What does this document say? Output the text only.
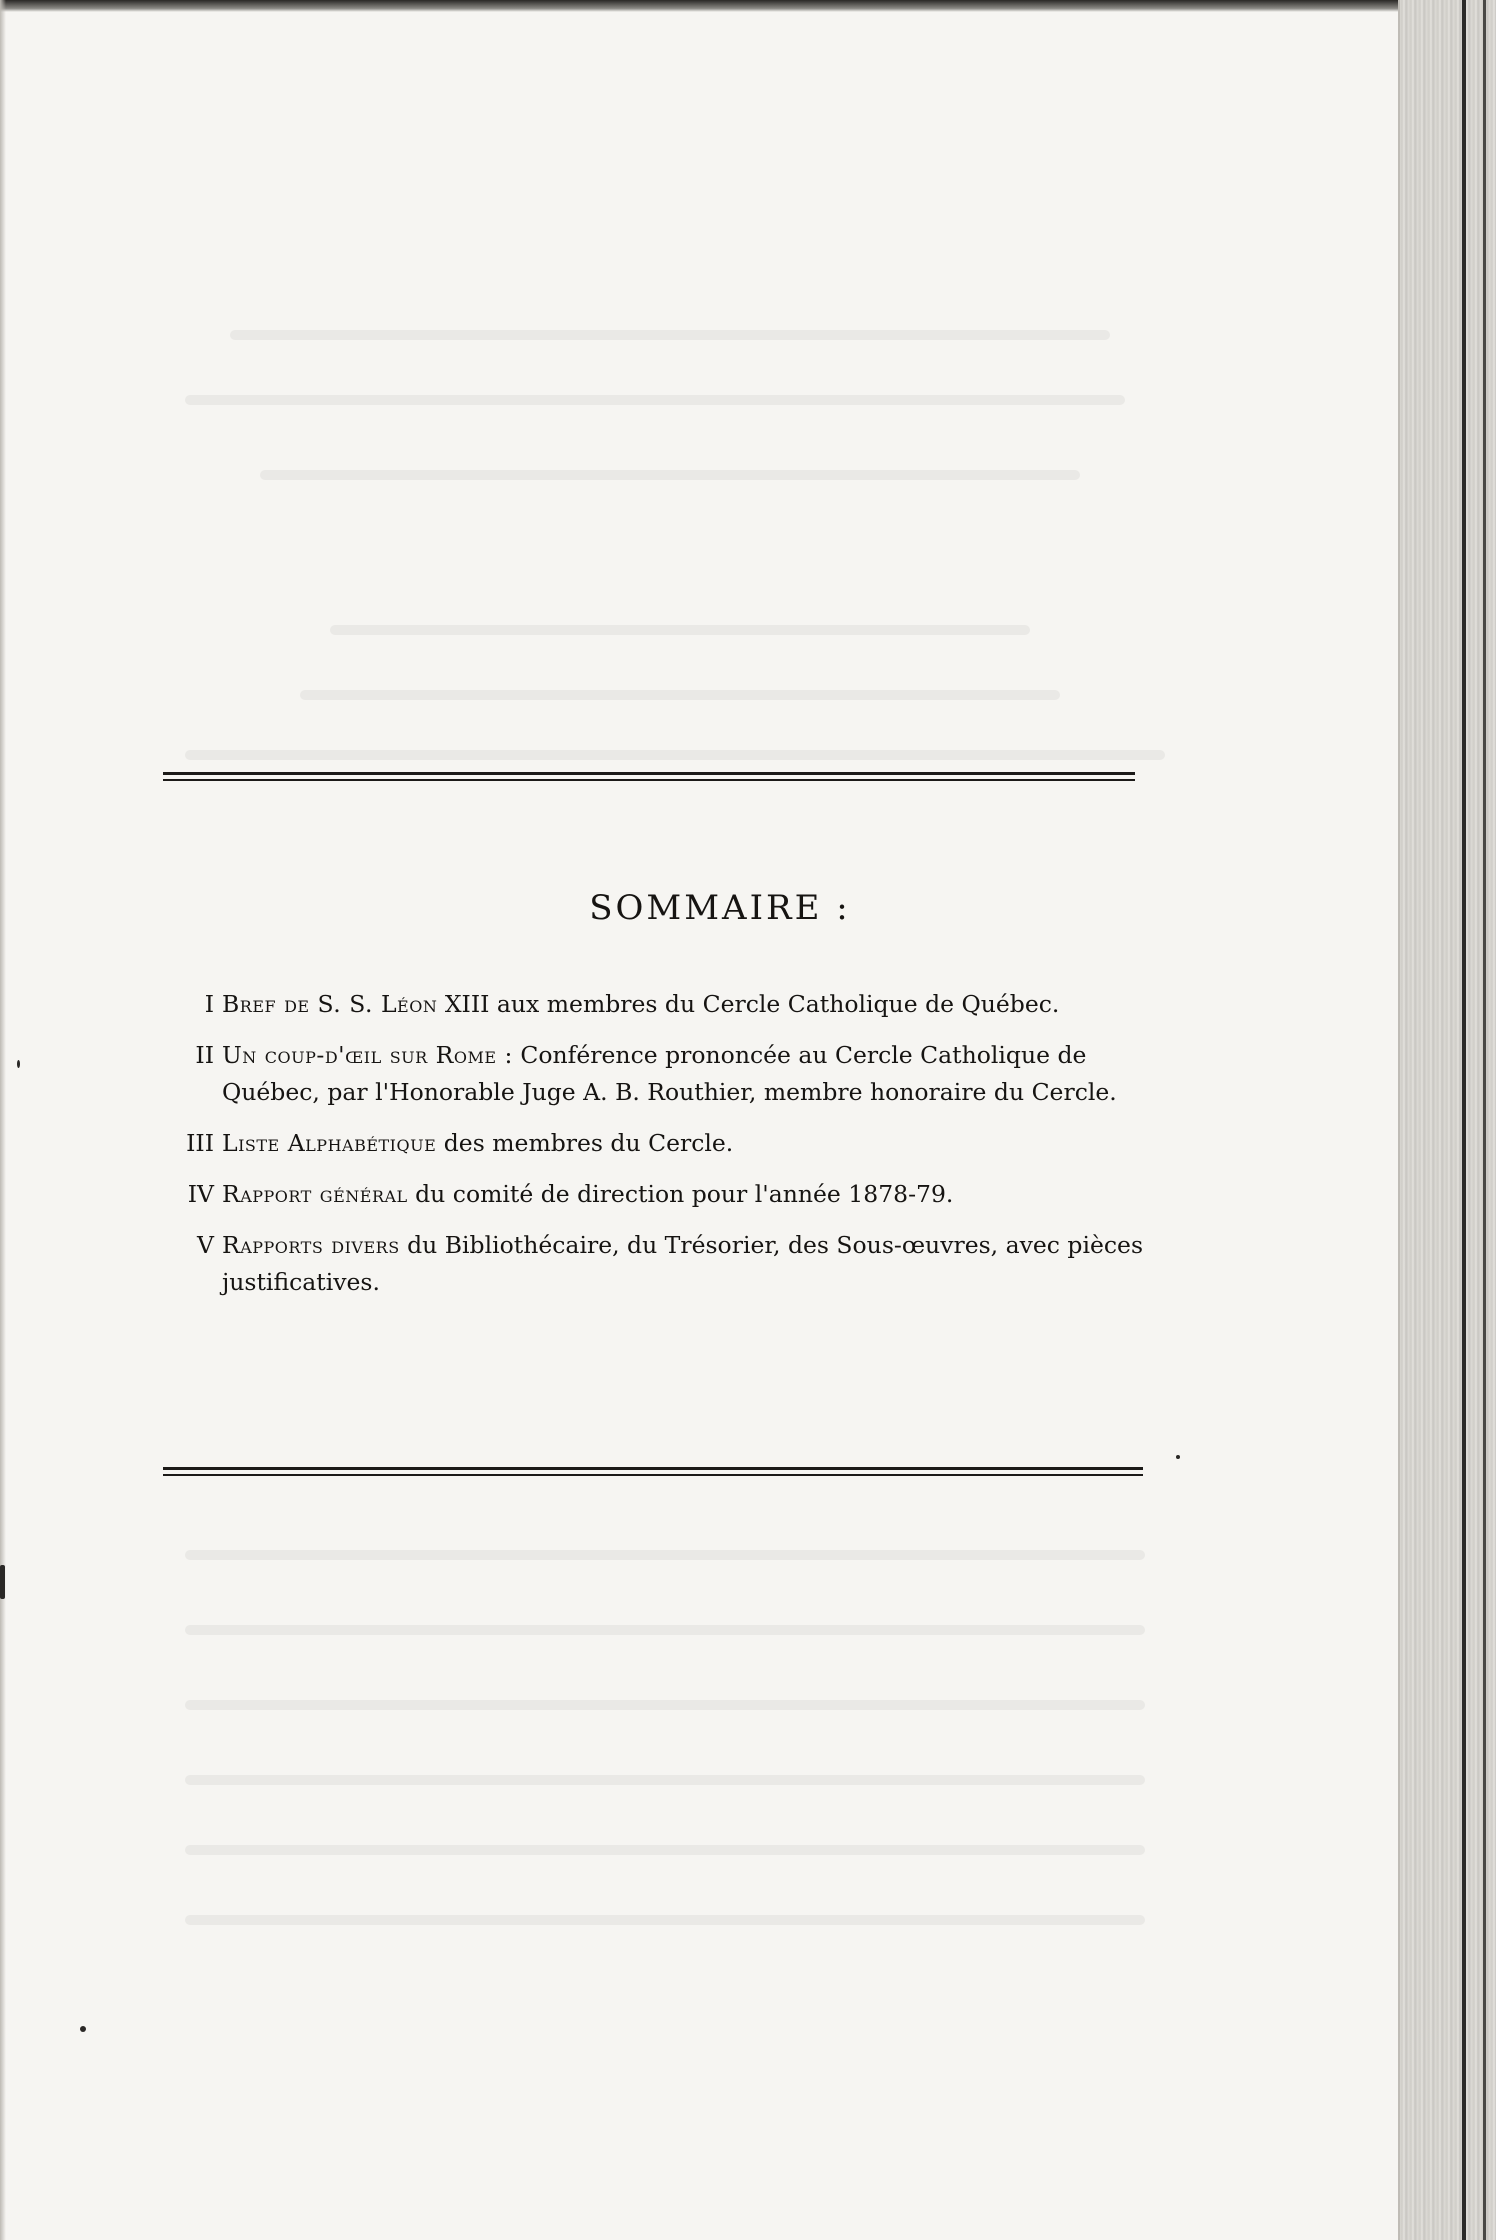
SOMMAIRE :
I Bref de S. S. Léon XIII aux membres du Cercle Catholique de Québec.
II Un coup-d'œil sur Rome : Conférence prononcée au Cercle Catholique de Québec, par l'Honorable Juge A. B. Routhier, membre honoraire du Cercle.
III Liste Alphabétique des membres du Cercle.
IV Rapport général du comité de direction pour l'année 1878-79.
V Rapports divers du Bibliothécaire, du Trésorier, des Sous-œuvres, avec pièces justificatives.
